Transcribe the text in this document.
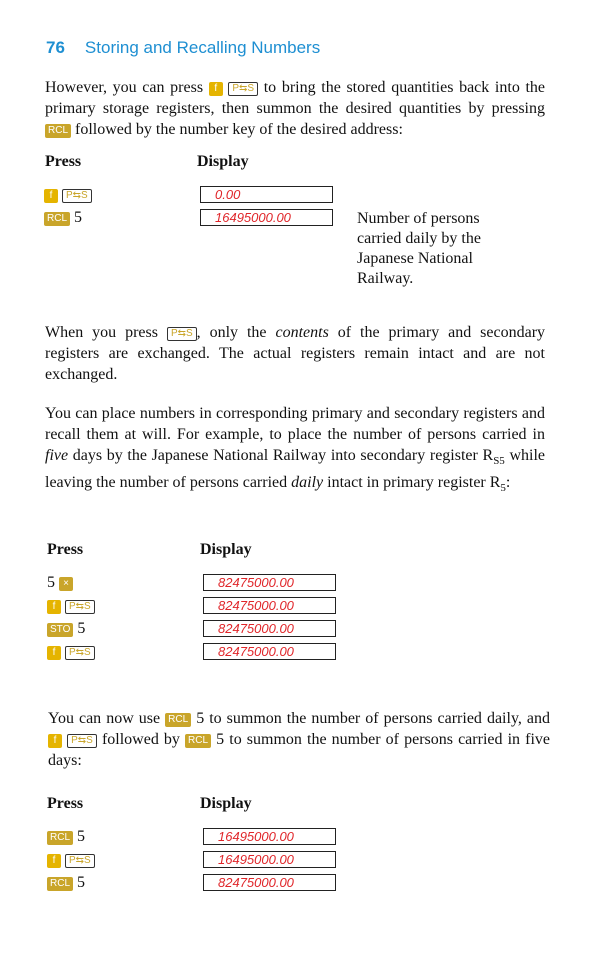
76 Storing and Recalling Numbers
However, you can press f P⇆S to bring the stored quantities back into the primary storage registers, then summon the desired quantities by pressing RCL followed by the number key of the desired address:
Press	Display
f P⇆S	0.00
RCL 5	16495000.00	Number of persons carried daily by the Japanese National Railway.
When you press P⇆S , only the contents of the primary and secondary registers are exchanged. The actual registers remain intact and are not exchanged.
You can place numbers in corresponding primary and secondary registers and recall them at will. For example, to place the number of persons carried in five days by the Japanese National Railway into secondary register $R_{S5}$ while leaving the number of persons carried daily intact in primary register $R_5$:
Press	Display
5 ×	82475000.00
f P⇆S	82475000.00
STO 5	82475000.00
f P⇆S	82475000.00
You can now use RCL 5 to summon the number of persons carried daily, and f P⇆S followed by RCL 5 to summon the number of persons carried in five days:
Press	Display
RCL 5	16495000.00
f P⇆S	16495000.00
RCL 5	82475000.00
